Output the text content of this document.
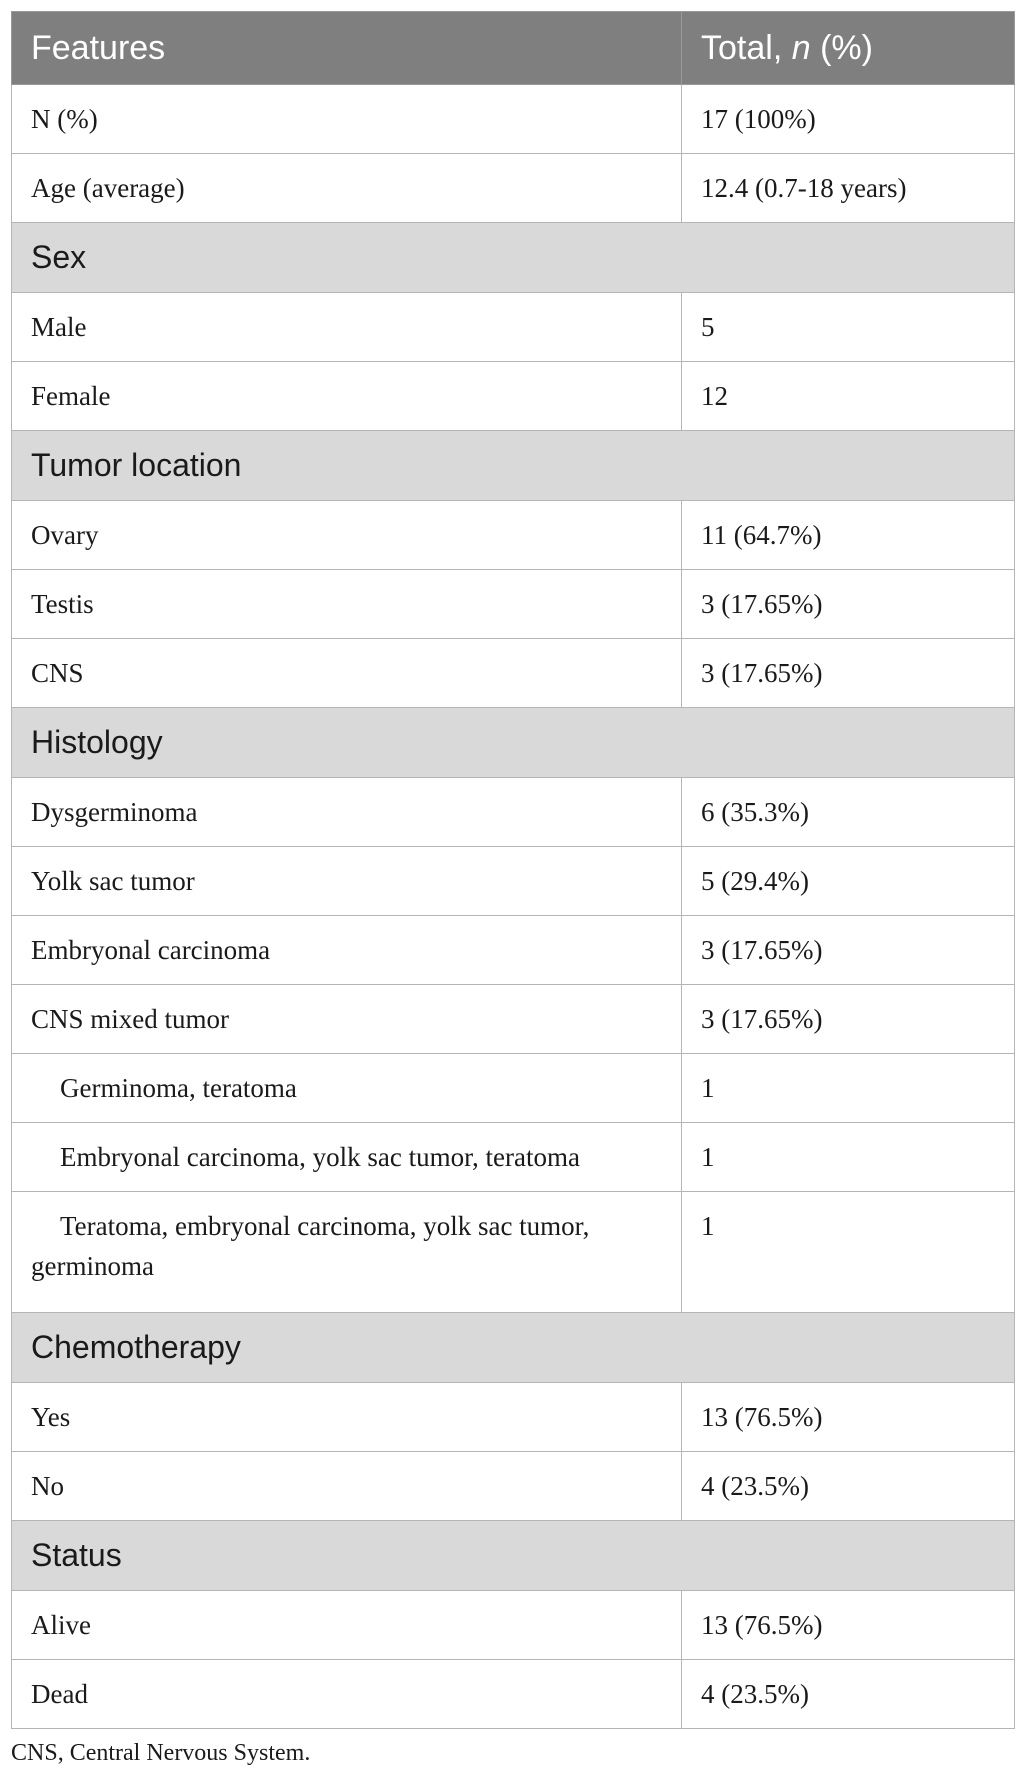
Features	Total, n (%)
N (%)	17 (100%)
Age (average)	12.4 (0.7-18 years)
Sex	
Male	5
Female	12
Tumor location	
Ovary	11 (64.7%)
Testis	3 (17.65%)
CNS	3 (17.65%)
Histology	
Dysgerminoma	6 (35.3%)
Yolk sac tumor	5 (29.4%)
Embryonal carcinoma	3 (17.65%)
CNS mixed tumor	3 (17.65%)
Germinoma, teratoma	1
Embryonal carcinoma, yolk sac tumor, teratoma	1
Teratoma, embryonal carcinoma, yolk sac tumor, germinoma	1
Chemotherapy	
Yes	13 (76.5%)
No	4 (23.5%)
Status	
Alive	13 (76.5%)
Dead	4 (23.5%)
CNS, Central Nervous System.
